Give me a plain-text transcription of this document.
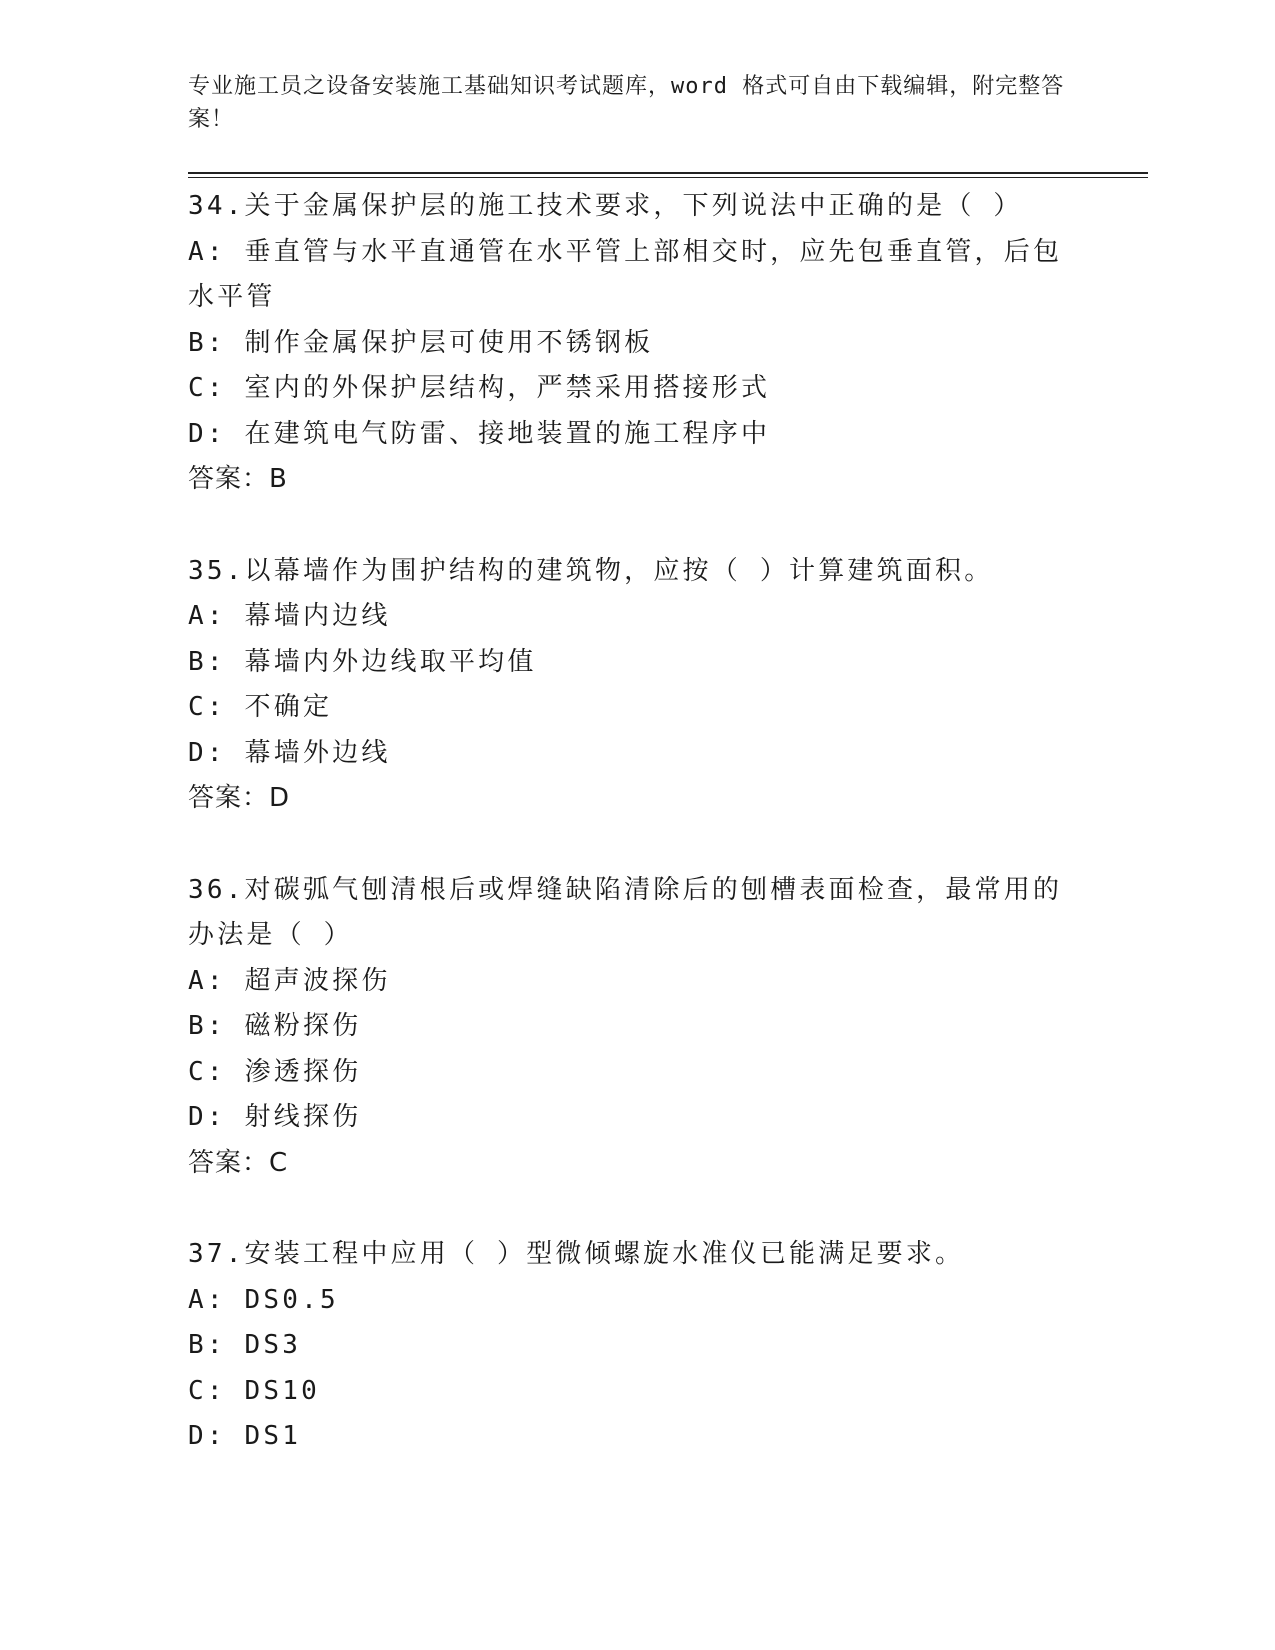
专业施工员之设备安装施工基础知识考试题库，word 格式可自由下载编辑，附完整答案！

34.关于金属保护层的施工技术要求，下列说法中正确的是（ ）

A: 垂直管与水平直通管在水平管上部相交时，应先包垂直管，后包水平管

B: 制作金属保护层可使用不锈钢板

C: 室内的外保护层结构，严禁采用搭接形式

D: 在建筑电气防雷、接地装置的施工程序中

答案：B

35.以幕墙作为围护结构的建筑物，应按（ ）计算建筑面积。

A: 幕墙内边线

B: 幕墙内外边线取平均值

C: 不确定

D: 幕墙外边线

答案：D

36.对碳弧气刨清根后或焊缝缺陷清除后的刨槽表面检查，最常用的办法是（ ）

A: 超声波探伤

B: 磁粉探伤

C: 渗透探伤

D: 射线探伤

答案：C

37.安装工程中应用（ ）型微倾螺旋水准仪已能满足要求。

A: DS0.5

B: DS3

C: DS10

D: DS1
